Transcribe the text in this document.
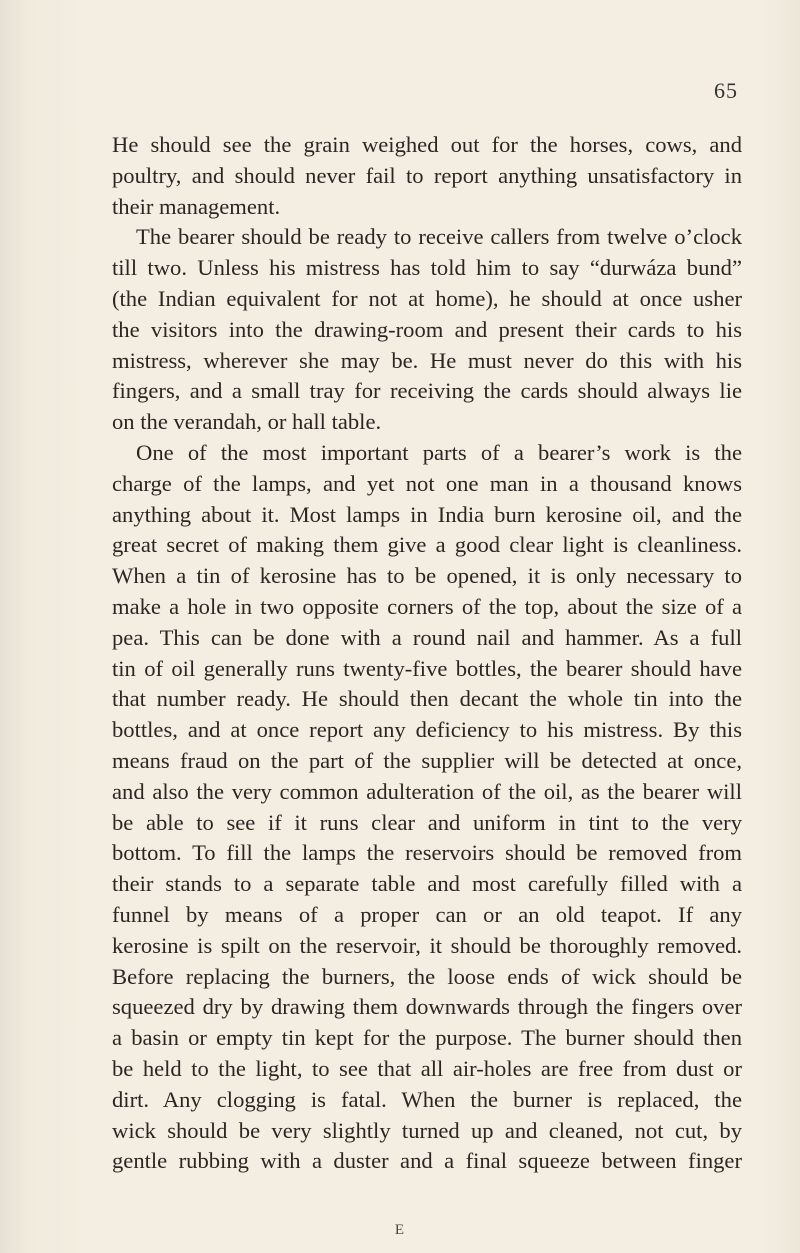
65

He should see the grain weighed out for the horses, cows, and
poultry, and should never fail to report anything unsatisfactory in
their management.

The bearer should be ready to receive callers from twelve o’clock
till two. Unless his mistress has told him to say “durwáza bund”
(the Indian equivalent for not at home), he should at once usher
the visitors into the drawing-room and present their cards to his
mistress, wherever she may be. He must never do this with his
fingers, and a small tray for receiving the cards should always lie
on the verandah, or hall table.

One of the most important parts of a bearer’s work is the
charge of the lamps, and yet not one man in a thousand knows
anything about it. Most lamps in India burn kerosine oil, and the
great secret of making them give a good clear light is cleanliness.
When a tin of kerosine has to be opened, it is only necessary to
make a hole in two opposite corners of the top, about the size of a
pea. This can be done with a round nail and hammer. As a full
tin of oil generally runs twenty-five bottles, the bearer should have
that number ready. He should then decant the whole tin into the
bottles, and at once report any deficiency to his mistress. By this
means fraud on the part of the supplier will be detected at once,
and also the very common adulteration of the oil, as the bearer will
be able to see if it runs clear and uniform in tint to the very
bottom. To fill the lamps the reservoirs should be removed from
their stands to a separate table and most carefully filled with a
funnel by means of a proper can or an old teapot. If any
kerosine is spilt on the reservoir, it should be thoroughly removed.
Before replacing the burners, the loose ends of wick should be
squeezed dry by drawing them downwards through the fingers over
a basin or empty tin kept for the purpose. The burner should then
be held to the light, to see that all air-holes are free from dust or
dirt. Any clogging is fatal. When the burner is replaced, the
wick should be very slightly turned up and cleaned, not cut, by
gentle rubbing with a duster and a final squeeze between finger

E
